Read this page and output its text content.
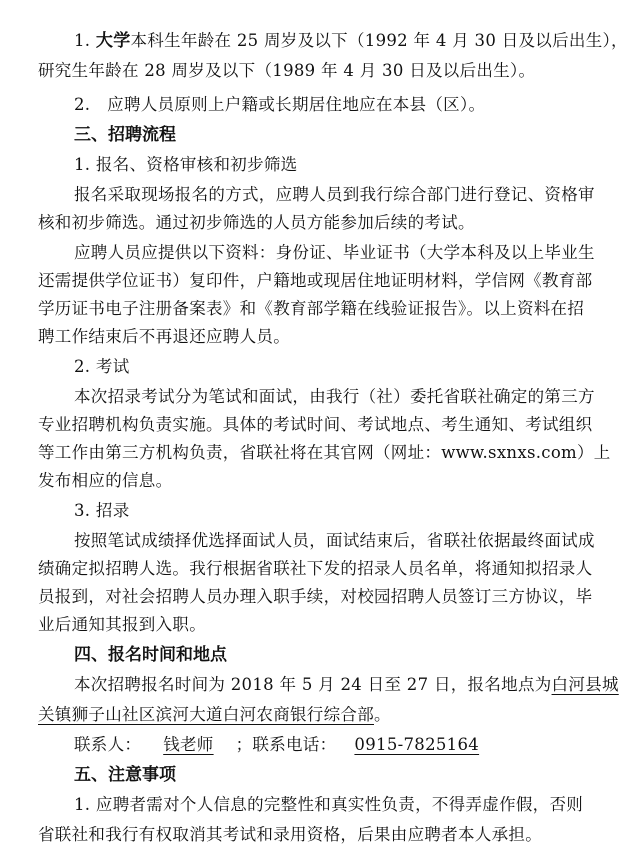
1. 大学本科生年龄在 25 周岁及以下（1992 年 4 月 30 日及以后出生），
研究生年龄在 28 周岁及以下（1989 年 4 月 30 日及以后出生）。
2.　应聘人员原则上户籍或长期居住地应在本县（区）。
三、招聘流程
1. 报名、资格审核和初步筛选
报名采取现场报名的方式，应聘人员到我行综合部门进行登记、资格审
核和初步筛选。通过初步筛选的人员方能参加后续的考试。
应聘人员应提供以下资料：身份证、毕业证书（大学本科及以上毕业生
还需提供学位证书）复印件，户籍地或现居住地证明材料，学信网《教育部
学历证书电子注册备案表》和《教育部学籍在线验证报告》。以上资料在招
聘工作结束后不再退还应聘人员。
2. 考试
本次招录考试分为笔试和面试，由我行（社）委托省联社确定的第三方
专业招聘机构负责实施。具体的考试时间、考试地点、考生通知、考试组织
等工作由第三方机构负责，省联社将在其官网（网址：www.sxnxs.com）上
发布相应的信息。
3. 招录
按照笔试成绩择优选择面试人员，面试结束后，省联社依据最终面试成
绩确定拟招聘人选。我行根据省联社下发的招录人员名单，将通知拟招录人
员报到，对社会招聘人员办理入职手续，对校园招聘人员签订三方协议，毕
业后通知其报到入职。
四、报名时间和地点
本次招聘报名时间为 2018 年 5 月 24 日至 27 日，报名地点为白河县城
关镇狮子山社区滨河大道白河农商银行综合部。
联系人： 钱老师 ；联系电话： 0915-7825164
五、注意事项
1. 应聘者需对个人信息的完整性和真实性负责，不得弄虚作假，否则
省联社和我行有权取消其考试和录用资格，后果由应聘者本人承担。
